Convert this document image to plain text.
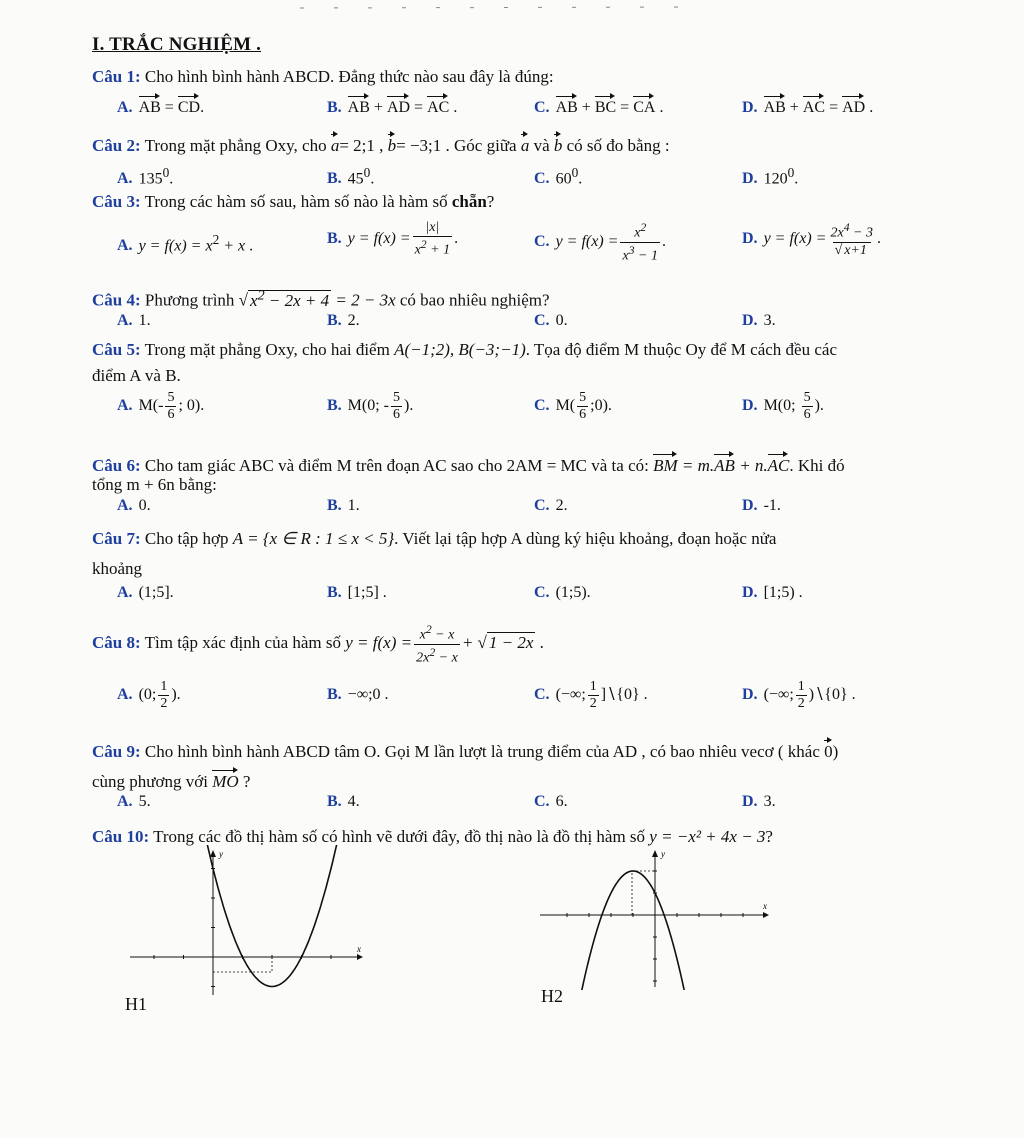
I. TRẮC NGHIỆM .
Câu 1: Cho hình bình hành ABCD. Đẳng thức nào sau đây là đúng:
A. AB = CD.	B. AB + AD = AC .	C. AB + BC = CA .	D. AB + AC = AD .
Câu 2: Trong mặt phẳng Oxy, cho a= 2;1 , b= −3;1 . Góc giữa a và b có số đo bằng :
A. $135^0$.	B. $45^0$.	C. $60^0$.	D. $120^0$.
Câu 3: Trong các hàm số sau, hàm số nào là hàm số chẵn?
A. $y = f(x) = x^2 + x$ .	B. $y = f(x) = \frac{|x|}{x^2 + 1}$ .	C. $y = f(x) = \frac{x^2}{x^3 - 1}$ .	D. $y = f(x) = \frac{2x^4 - 3}{√ x+1}$ .
Câu 4: Phương trình √ $x^2 - 2x + 4 = 2 - 3x$ có bao nhiêu nghiệm?
A. 1.	B. 2.	C. 0.	D. 3.
Câu 5: Trong mặt phẳng Oxy, cho hai điểm A(−1;2), B(−3;−1). Tọa độ điểm M thuộc Oy để M cách đều các
điểm A và B.
A. $M(- \frac{5}{6}$ ; 0).	B. M(0; - $\frac{5}{6}$ ).	C. $M( \frac{5}{6}$ ;0).	D. M(0; $\frac{5}{6}$ ).
Câu 6: Cho tam giác ABC và điểm M trên đoạn AC sao cho 2AM = MC và ta có: BM = m.AB + n.AC. Khi đó
tổng m + 6n bằng:
A. 0.	B. 1.	C. 2.	D. -1.
Câu 7: Cho tập hợp A = {x ∈ R : 1 ≤ x < 5}. Viết lại tập hợp A dùng ký hiệu khoảng, đoạn hoặc nửa
khoảng
A. (1;5].	B. [1;5] .	C. (1;5).	D. [1;5) .
Câu 8: Tìm tập xác định của hàm số $y = f(x) = \frac{x^2 - x}{2x^2 - x}$ + √ 1 − 2x .
A. (0; $\frac{1}{2}$ ).	B. −∞;0 .	C. (−∞; $\frac{1}{2}$ ]∖{0} .	D. (−∞; $\frac{1}{2}$ )∖{0} .
Câu 9: Cho hình bình hành ABCD tâm O. Gọi M lần lượt là trung điểm của AD , có bao nhiêu vecơ ( khác 0)
cùng phương với MO ?
A. 5.	B. 4.	C. 6.	D. 3.
Câu 10: Trong các đồ thị hàm số có hình vẽ dưới đây, đồ thị nào là đồ thị hàm số y = −x² + 4x − 3?
y
x
H1
y
x
H2
